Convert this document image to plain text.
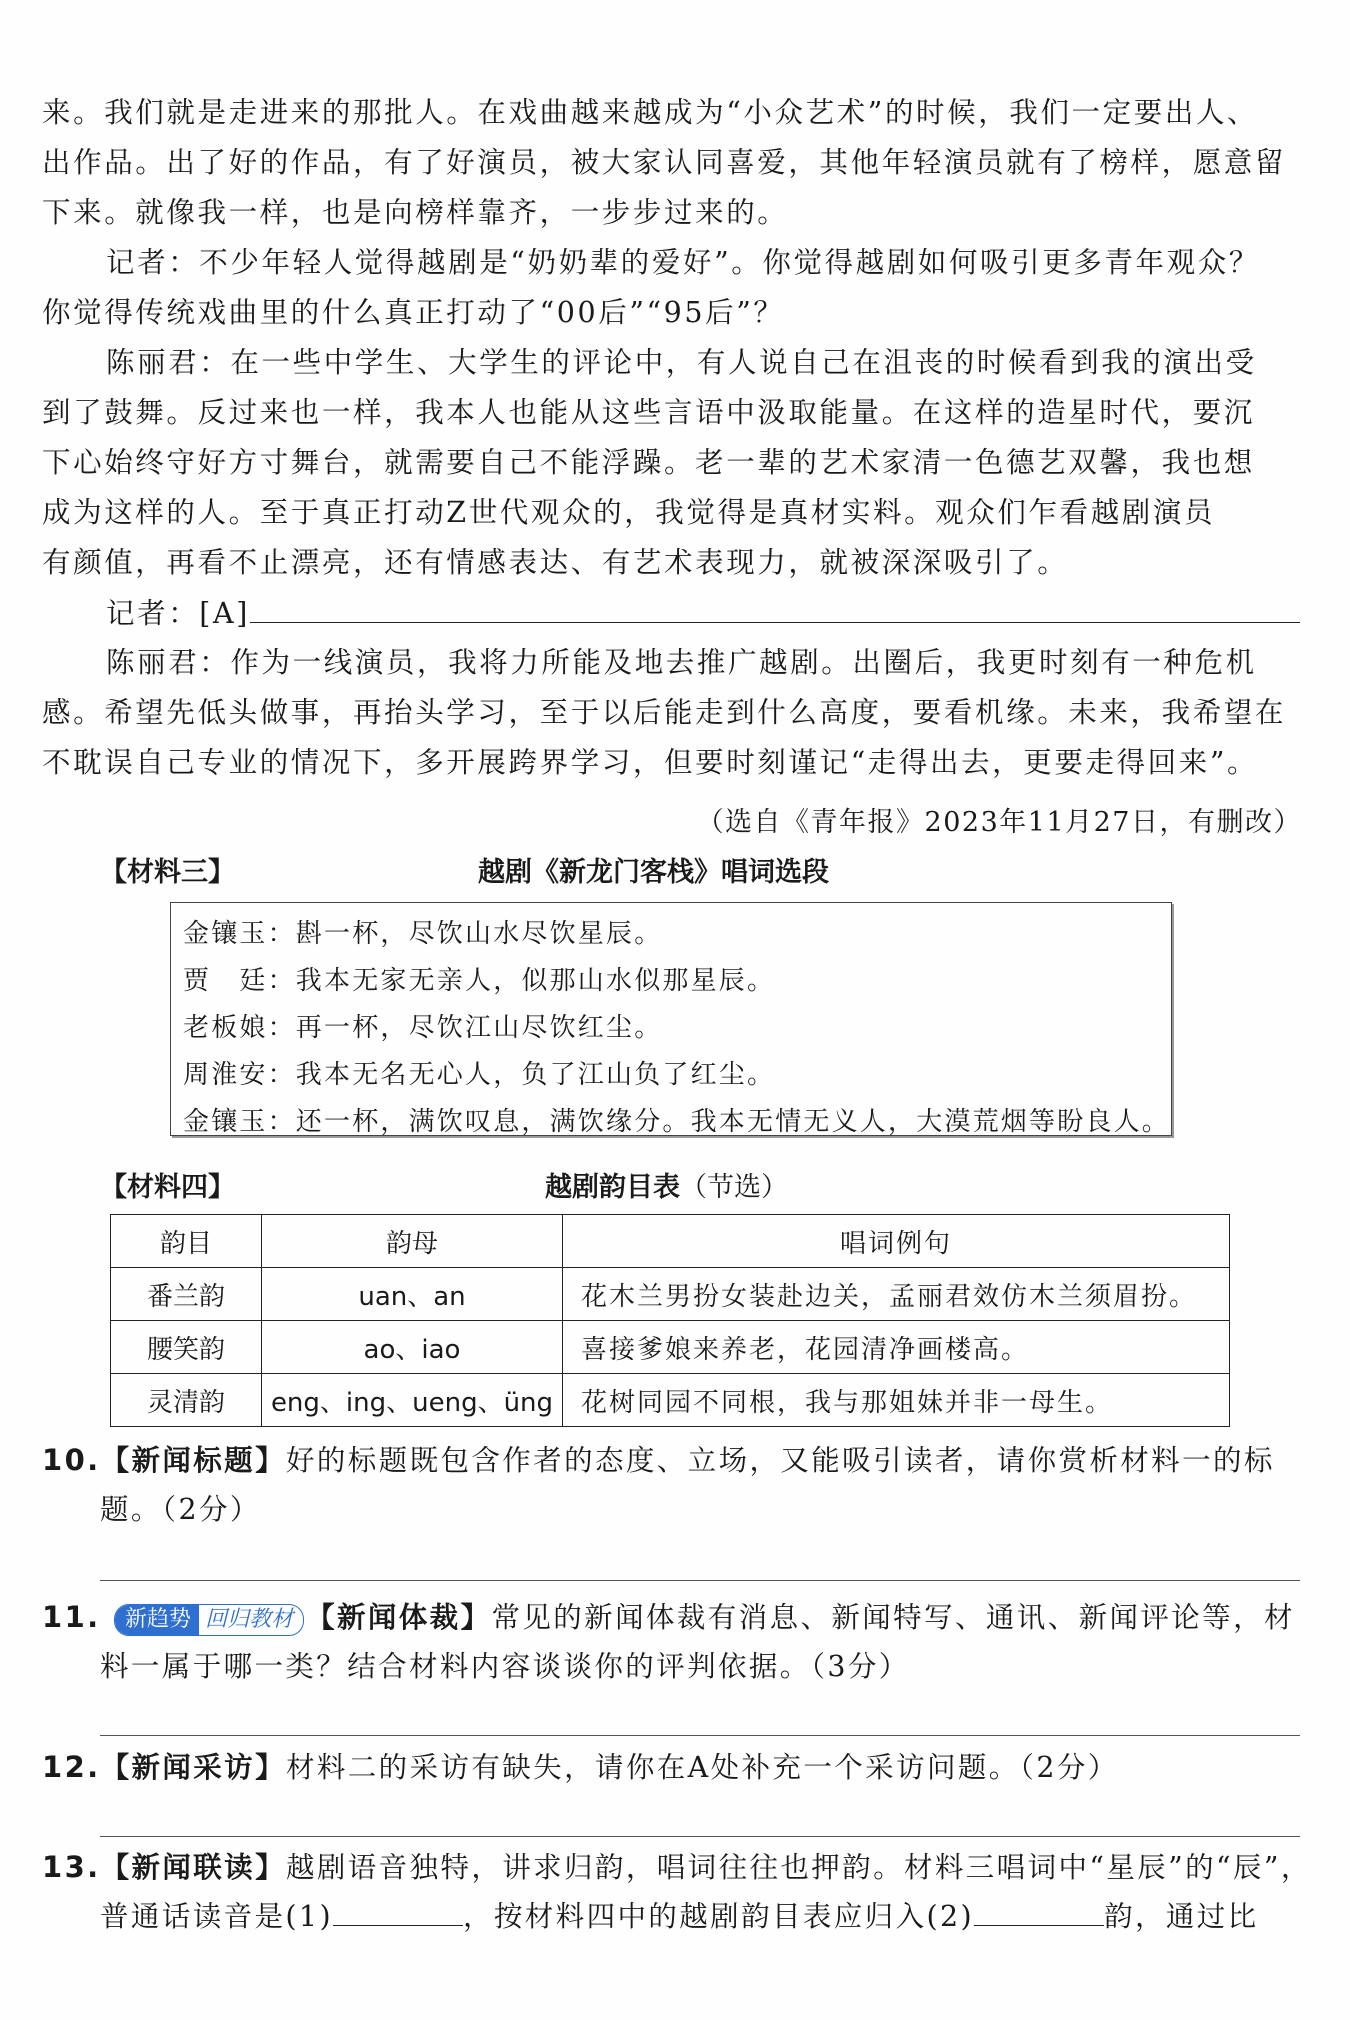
来。我们就是走进来的那批人。在戏曲越来越成为“小众艺术”的时候，我们一定要出人、
出作品。出了好的作品，有了好演员，被大家认同喜爱，其他年轻演员就有了榜样，愿意留
下来。就像我一样，也是向榜样靠齐，一步步过来的。
记者：不少年轻人觉得越剧是“奶奶辈的爱好”。你觉得越剧如何吸引更多青年观众？
你觉得传统戏曲里的什么真正打动了“00后”“95后”？
陈丽君：在一些中学生、大学生的评论中，有人说自己在沮丧的时候看到我的演出受
到了鼓舞。反过来也一样，我本人也能从这些言语中汲取能量。在这样的造星时代，要沉
下心始终守好方寸舞台，就需要自己不能浮躁。老一辈的艺术家清一色德艺双馨，我也想
成为这样的人。至于真正打动Z世代观众的，我觉得是真材实料。观众们乍看越剧演员
有颜值，再看不止漂亮，还有情感表达、有艺术表现力，就被深深吸引了。
记者：[A]
陈丽君：作为一线演员，我将力所能及地去推广越剧。出圈后，我更时刻有一种危机
感。希望先低头做事，再抬头学习，至于以后能走到什么高度，要看机缘。未来，我希望在
不耽误自己专业的情况下，多开展跨界学习，但要时刻谨记“走得出去，更要走得回来”。
（选自《青年报》2023年11月27日，有删改）
【材料三】	越剧《新龙门客栈》唱词选段
金镶玉：斟一杯，尽饮山水尽饮星辰。
贾　廷：我本无家无亲人，似那山水似那星辰。
老板娘：再一杯，尽饮江山尽饮红尘。
周淮安：我本无名无心人，负了江山负了红尘。
金镶玉：还一杯，满饮叹息，满饮缘分。我本无情无义人，大漠荒烟等盼良人。
【材料四】	越剧韵目表（节选）
韵目	韵母	唱词例句
番兰韵	uan、an	花木兰男扮女装赴边关，孟丽君效仿木兰须眉扮。
腰笑韵	ao、iao	喜接爹娘来养老，花园清净画楼高。
灵清韵	eng、ing、ueng、üng	花树同园不同根，我与那姐妹并非一母生。
10.【新闻标题】好的标题既包含作者的态度、立场，又能吸引读者，请你赏析材料一的标
题。（2分）
11. 新趋势 回归教材 【新闻体裁】常见的新闻体裁有消息、新闻特写、通讯、新闻评论等，材
料一属于哪一类？结合材料内容谈谈你的评判依据。（3分）
12.【新闻采访】材料二的采访有缺失，请你在A处补充一个采访问题。（2分）
13.【新闻联读】越剧语音独特，讲求归韵，唱词往往也押韵。材料三唱词中“星辰”的“辰”，
普通话读音是(1)	，按材料四中的越剧韵目表应归入(2)	韵，通过比
